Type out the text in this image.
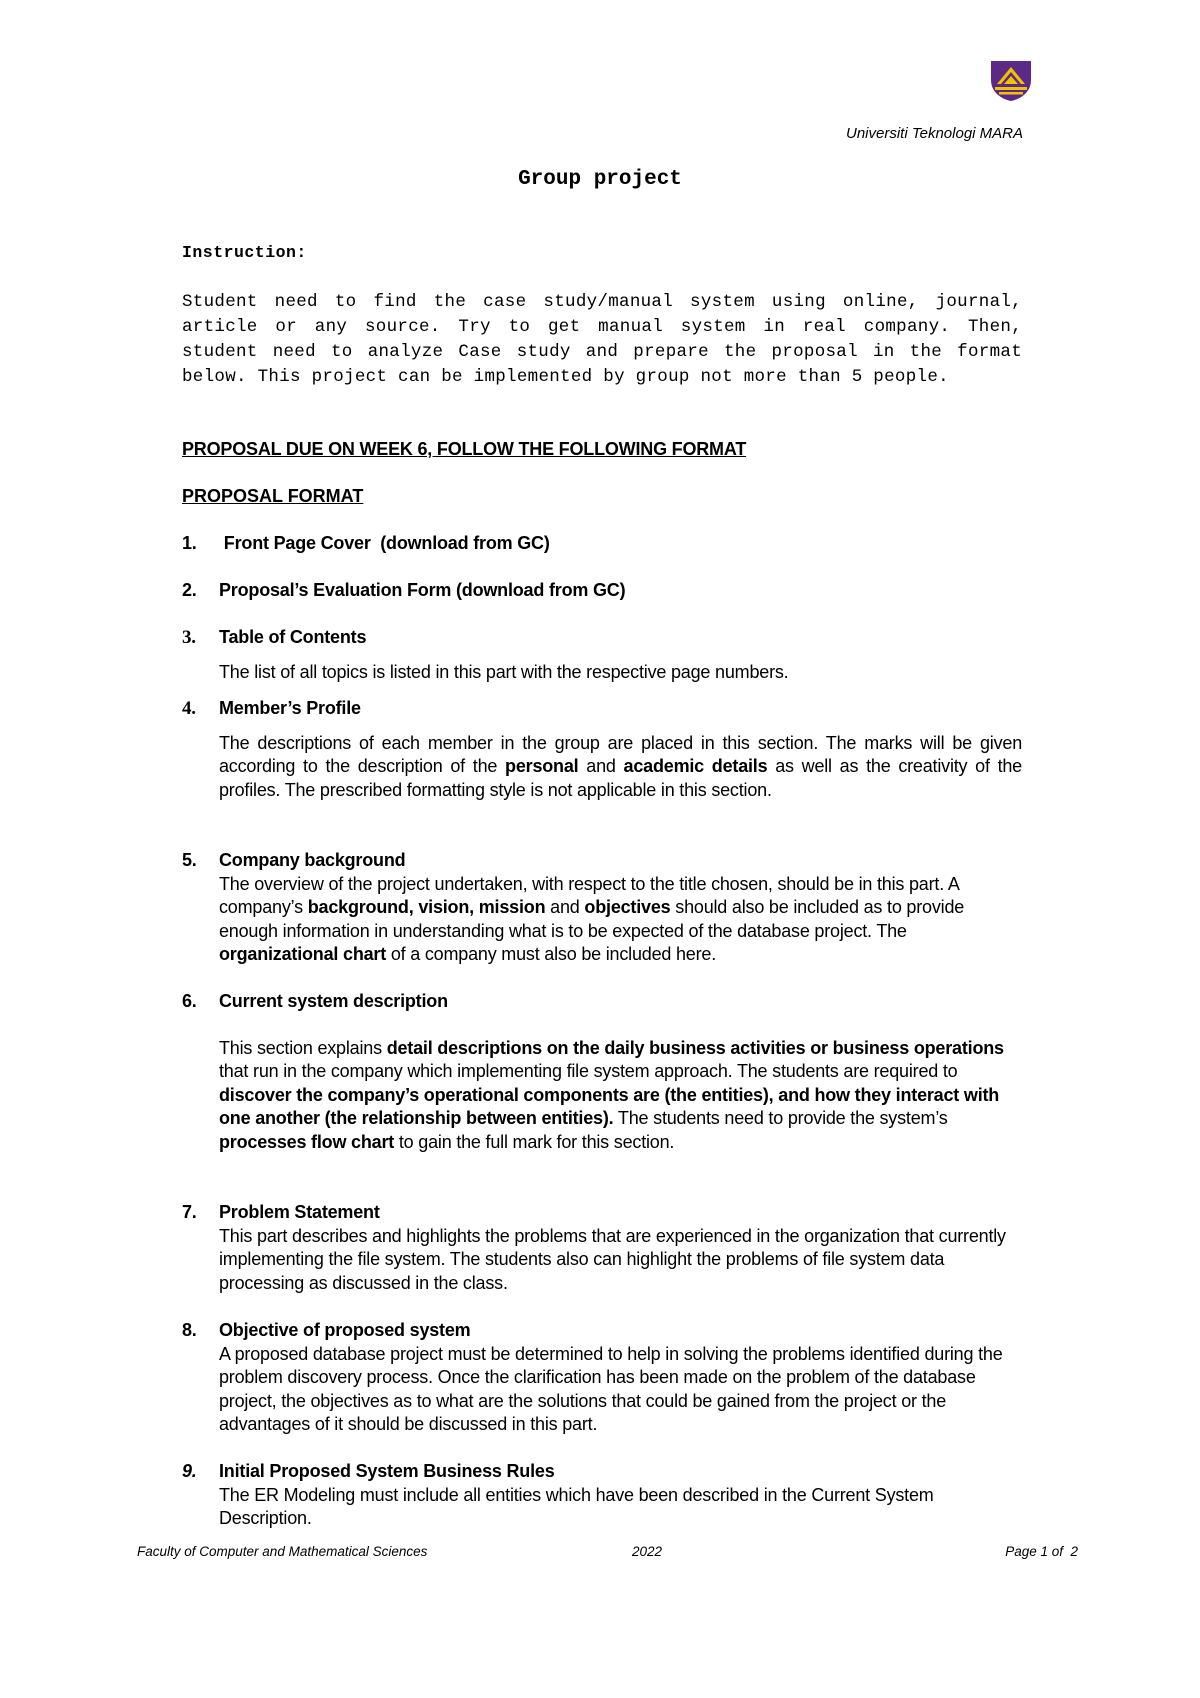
Universiti Teknologi MARA
Group project
Instruction:

Student need to find the case study/manual system using online, journal, article or any source. Try to get manual system in real company. Then, student need to analyze Case study and prepare the proposal in the format below. This project can be implemented by group not more than 5 people.

PROPOSAL DUE ON WEEK 6, FOLLOW THE FOLLOWING FORMAT
PROPOSAL FORMAT
1. Front Page Cover  (download from GC)
2. Proposal’s Evaluation Form (download from GC)
3. Table of Contents

The list of all topics is listed in this part with the respective page numbers.

4. Member’s Profile

The descriptions of each member in the group are placed in this section. The marks will be given according to the description of the personal and academic details as well as the creativity of the profiles. The prescribed formatting style is not applicable in this section.

5. Company background

The overview of the project undertaken, with respect to the title chosen, should be in this part. A company’s background, vision, mission and objectives should also be included as to provide enough information in understanding what is to be expected of the database project. The organizational chart of a company must also be included here.

6. Current system description

This section explains detail descriptions on the daily business activities or business operations that run in the company which implementing file system approach. The students are required to discover the company’s operational components are (the entities), and how they interact with one another (the relationship between entities). The students need to provide the system’s processes flow chart to gain the full mark for this section.

7. Problem Statement

This part describes and highlights the problems that are experienced in the organization that currently implementing the file system. The students also can highlight the problems of file system data processing as discussed in the class.

8. Objective of proposed system

A proposed database project must be determined to help in solving the problems identified during the problem discovery process. Once the clarification has been made on the problem of the database project, the objectives as to what are the solutions that could be gained from the project or the advantages of it should be discussed in this part.

9. Initial Proposed System Business Rules

The ER Modeling must include all entities which have been described in the Current System Description.

Faculty of Computer and Mathematical Sciences	2022	Page 1 of  2
